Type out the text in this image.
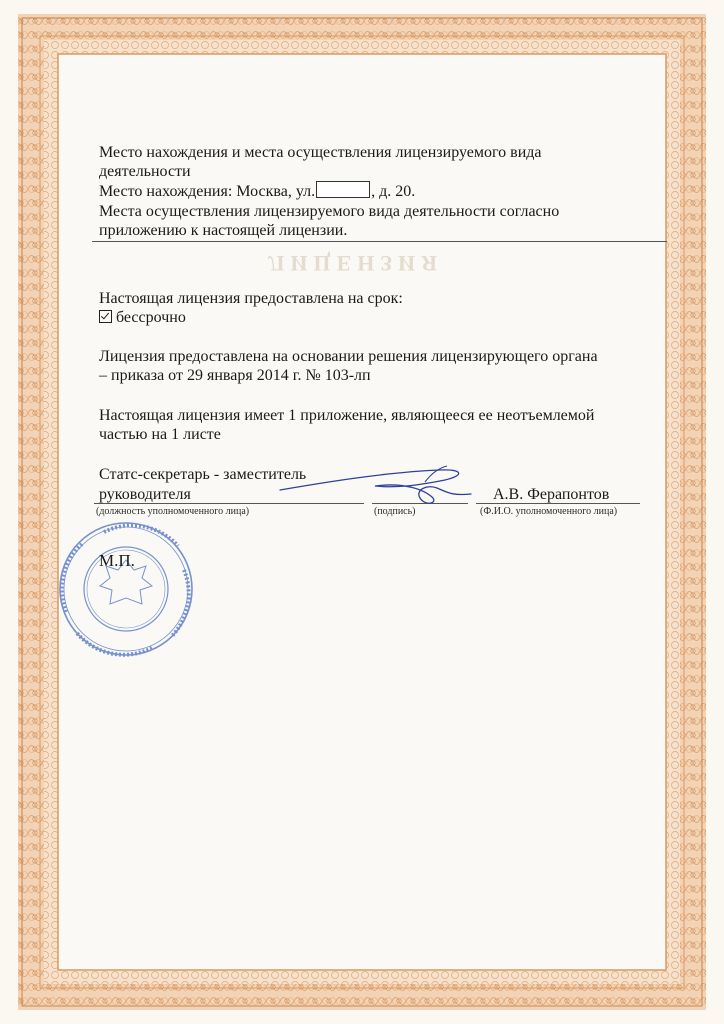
ЛИЦЕНЗИЯ
Место нахождения и места осуществления лицензируемого вида
деятельности
Место нахождения: Москва, ул.	, д. 20.
Места осуществления лицензируемого вида деятельности согласно
приложению к настоящей лицензии.
Настоящая лицензия предоставлена на срок:
бессрочно
Лицензия предоставлена на основании решения лицензирующего органа
– приказа от 29 января 2014 г. № 103-лп
Настоящая лицензия имеет 1 приложение, являющееся ее неотъемлемой
частью на 1 листе
Статс-секретарь - заместитель
руководителя	А.В. Ферапонтов
(должность уполномоченного лица)	(подпись)	(Ф.И.О. уполномоченного лица)
М.П.
· · · · · · · · · · · · · · · · · · · · · · · · · · · · · · · · · · · · · · · · · · · · · · · · · · · · · · · · · · · · · · · ·
